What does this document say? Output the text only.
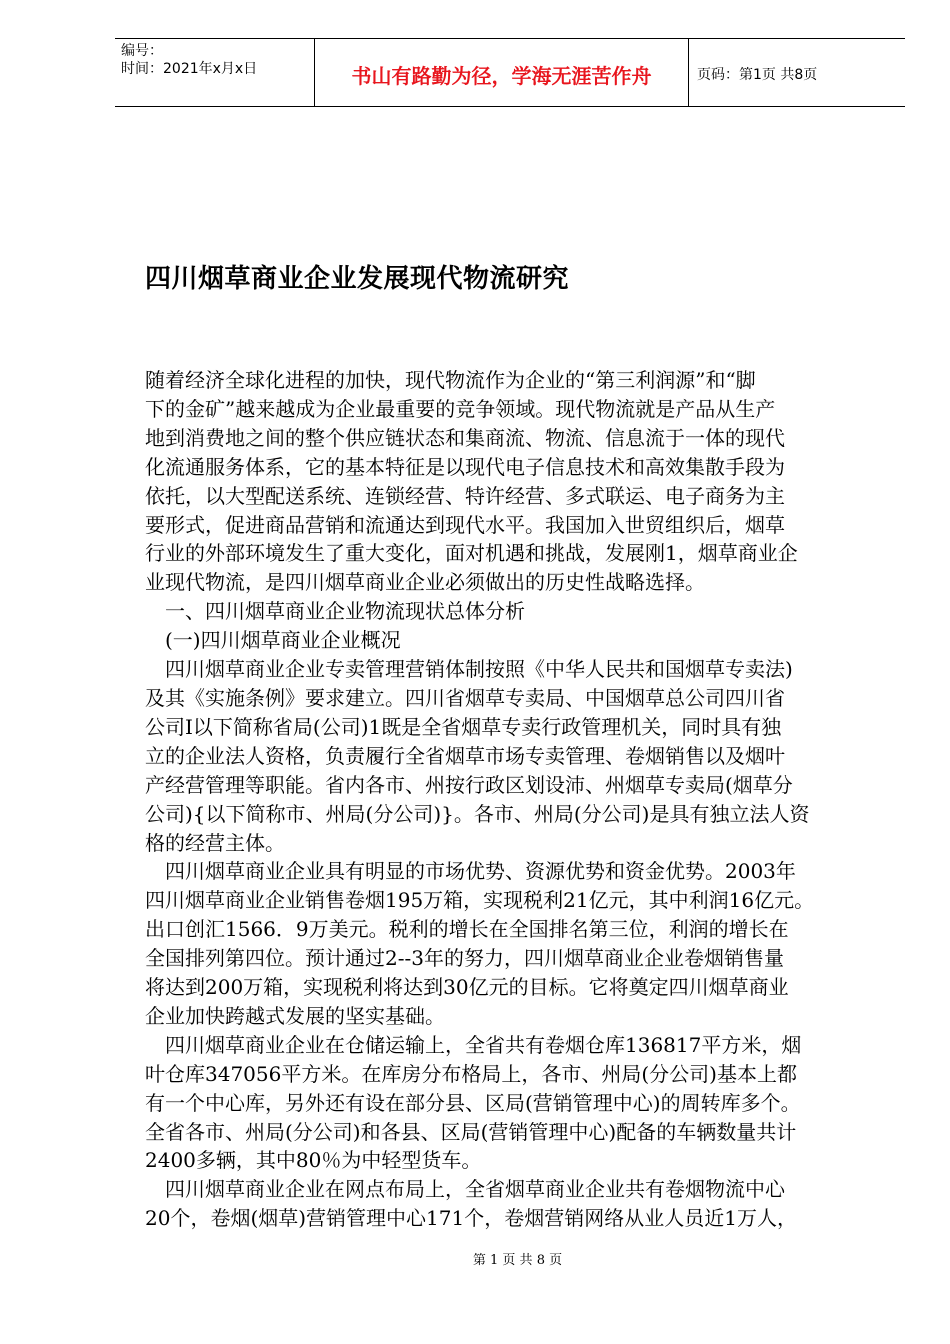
编号：
时间：2021年x月x日	书山有路勤为径，学海无涯苦作舟	页码：第1页 共8页
四川烟草商业企业发展现代物流研究
随着经济全球化进程的加快，现代物流作为企业的“第三利润源”和“脚
下的金矿”越来越成为企业最重要的竞争领域。现代物流就是产品从生产
地到消费地之间的整个供应链状态和集商流、物流、信息流于一体的现代
化流通服务体系，它的基本特征是以现代电子信息技术和高效集散手段为
依托，以大型配送系统、连锁经营、特许经营、多式联运、电子商务为主
要形式，促进商品营销和流通达到现代水平。我国加入世贸组织后，烟草
行业的外部环境发生了重大变化，面对机遇和挑战，发展刚1，烟草商业企
业现代物流，是四川烟草商业企业必须做出的历史性战略选择。
　一、四川烟草商业企业物流现状总体分析
　(一)四川烟草商业企业概况
　四川烟草商业企业专卖管理营销体制按照《中华人民共和国烟草专卖法)
及其《实施条例》要求建立。四川省烟草专卖局、中国烟草总公司四川省
公司Ⅰ以下简称省局(公司)1既是全省烟草专卖行政管理机关，同时具有独
立的企业法人资格，负责履行全省烟草市场专卖管理、卷烟销售以及烟叶
产经营管理等职能。省内各市、州按行政区划设沛、州烟草专卖局(烟草分
公司){以下简称市、州局(分公司)}。各市、州局(分公司)是具有独立法人资
格的经营主体。
　四川烟草商业企业具有明显的市场优势、资源优势和资金优势。2003年
四川烟草商业企业销售卷烟195万箱，实现税利21亿元，其中利润16亿元。
出口创汇1566．9万美元。税利的增长在全国排名第三位，利润的增长在
全国排列第四位。预计通过2--3年的努力，四川烟草商业企业卷烟销售量
将达到200万箱，实现税利将达到30亿元的目标。它将奠定四川烟草商业
企业加快跨越式发展的坚实基础。
　四川烟草商业企业在仓储运输上，全省共有卷烟仓库136817平方米，烟
叶仓库347056平方米。在库房分布格局上，各市、州局(分公司)基本上都
有一个中心库，另外还有设在部分县、区局(营销管理中心)的周转库多个。
全省各市、州局(分公司)和各县、区局(营销管理中心)配备的车辆数量共计
2400多辆，其中80％为中轻型货车。
　四川烟草商业企业在网点布局上，全省烟草商业企业共有卷烟物流中心
20个，卷烟(烟草)营销管理中心171个，卷烟营销网络从业人员近1万人，
第 1 页 共 8 页
